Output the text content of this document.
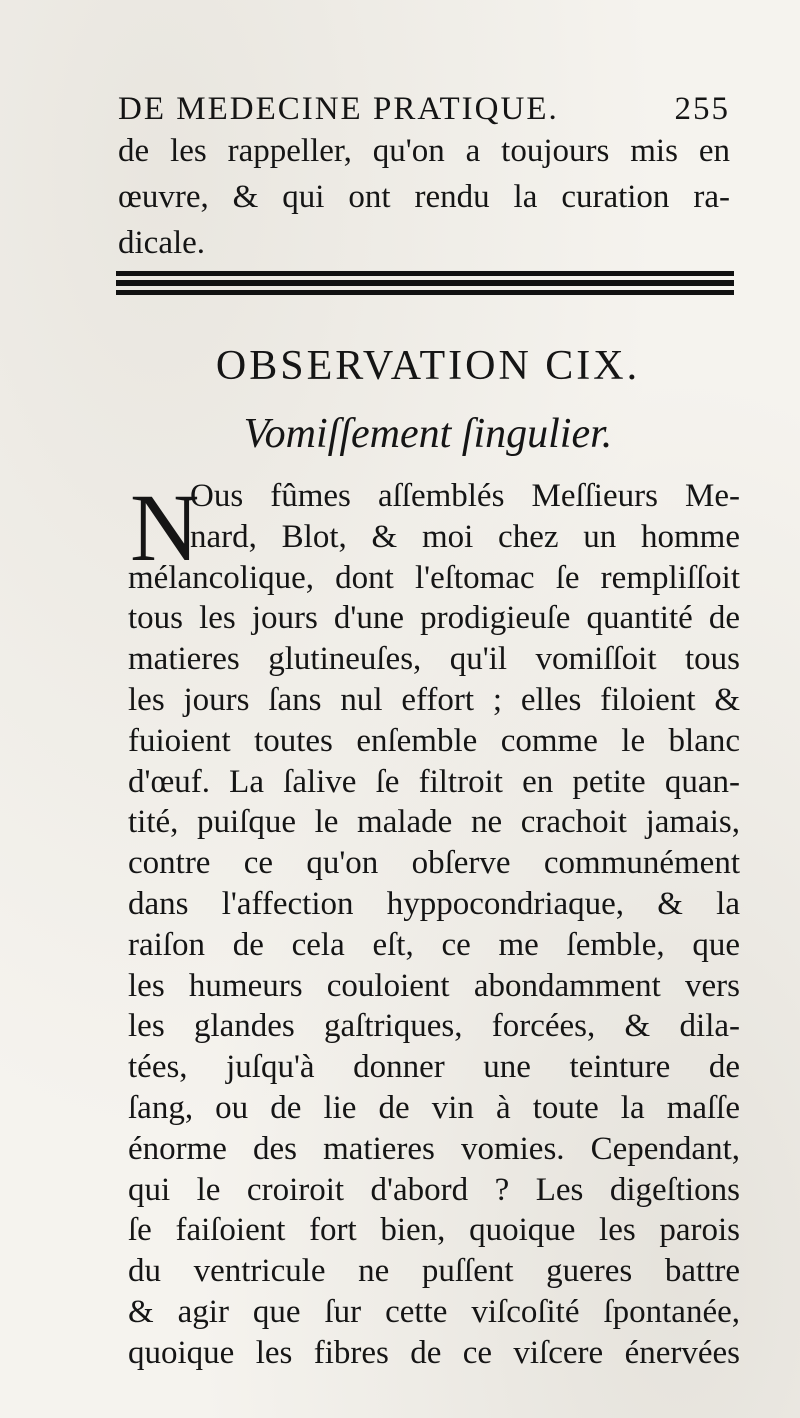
DE MEDECINE PRATIQUE.	255
de les rappeller, qu'on a toujours mis en
œuvre, & qui ont rendu la curation ra-
dicale.
OBSERVATION CIX.
Vomiſſement ſingulier.
N
Ous fûmes aſſemblés Meſſieurs Me-
nard, Blot, & moi chez un homme
mélancolique, dont l'eſtomac ſe rempliſſoit
tous les jours d'une prodigieuſe quantité de
matieres glutineuſes, qu'il vomiſſoit tous
les jours ſans nul effort ; elles filoient &
fuioient toutes enſemble comme le blanc
d'œuf. La ſalive ſe filtroit en petite quan-
tité, puiſque le malade ne crachoit jamais,
contre ce qu'on obſerve communément
dans l'affection hyppocondriaque, & la
raiſon de cela eſt, ce me ſemble, que
les humeurs couloient abondamment vers
les glandes gaſtriques, forcées, & dila-
tées, juſqu'à donner une teinture de
ſang, ou de lie de vin à toute la maſſe
énorme des matieres vomies. Cependant,
qui le croiroit d'abord ? Les digeſtions
ſe faiſoient fort bien, quoique les parois
du ventricule ne puſſent gueres battre
& agir que ſur cette viſcoſité ſpontanée,
quoique les fibres de ce viſcere énervées
